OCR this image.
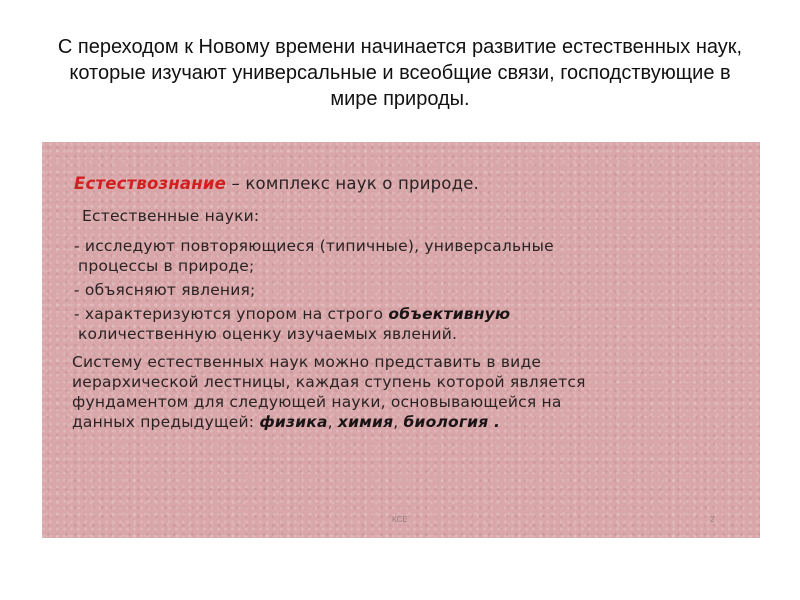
С переходом к Новому времени начинается развитие естественных наук,
которые изучают универсальные и всеобщие связи, господствующие в
мире природы.
Естествознание – комплекс наук о природе.
Естественные науки:
- исследуют повторяющиеся (типичные), универсальные
процессы в природе;
- объясняют явления;
- характеризуются упором на строго объективную
количественную оценку изучаемых явлений.
Систему естественных наук можно представить в виде
иерархической лестницы, каждая ступень которой является
фундаментом для следующей науки, основывающейся на
данных предыдущей: физика, химия, биология .
КСЕ	2
